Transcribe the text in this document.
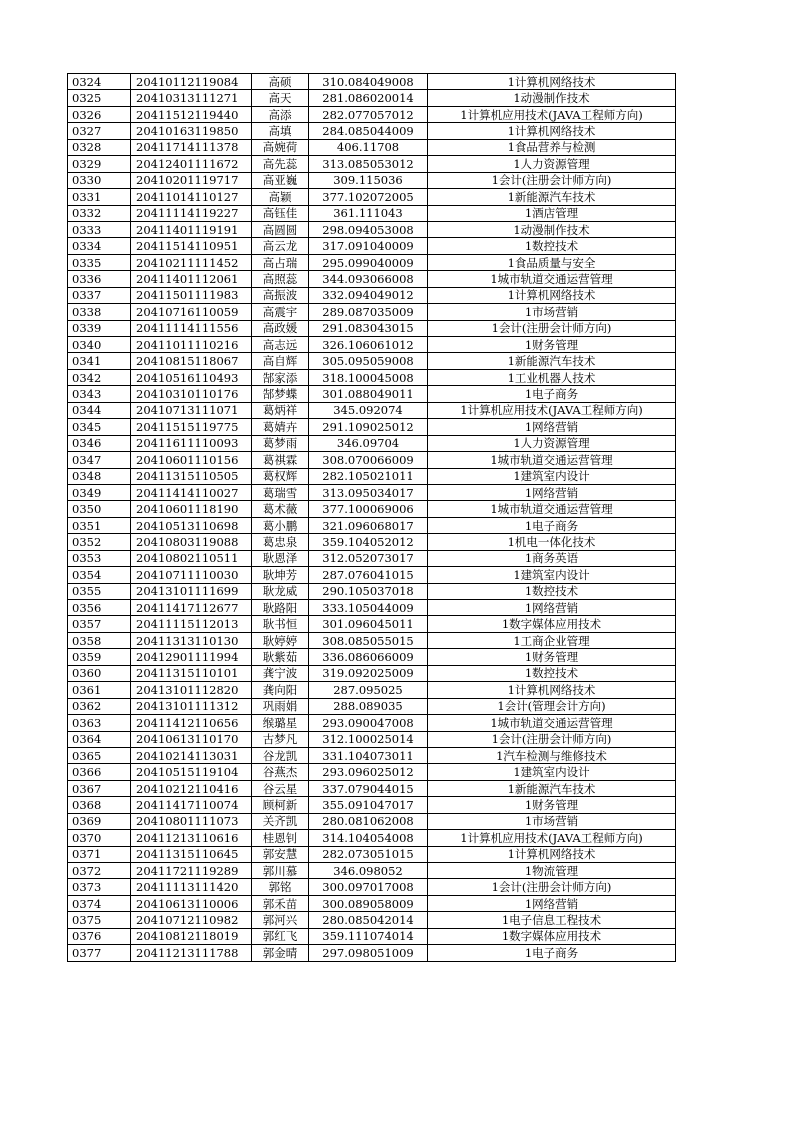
0324	20410112119084	高硕	310.084049008	1计算机网络技术
0325	20410313111271	高天	281.086020014	1动漫制作技术
0326	20411512119440	高添	282.077057012	1计算机应用技术(JAVA工程师方向)
0327	20410163119850	高填	284.085044009	1计算机网络技术
0328	20411714111378	高婉荷	406.11708	1食品营养与检测
0329	20412401111672	高先蕊	313.085053012	1人力资源管理
0330	20410201119717	高亚巍	309.115036	1会计(注册会计师方向)
0331	20411014110127	高颖	377.102072005	1新能源汽车技术
0332	20411114119227	高钰佳	361.111043	1酒店管理
0333	20411401119191	高圆圆	298.094053008	1动漫制作技术
0334	20411514110951	高云龙	317.091040009	1数控技术
0335	20410211111452	高占瑞	295.099040009	1食品质量与安全
0336	20411401112061	高照蕊	344.093066008	1城市轨道交通运营管理
0337	20411501111983	高振波	332.094049012	1计算机网络技术
0338	20410716110059	高震宇	289.087035009	1市场营销
0339	20411114111556	高政媛	291.083043015	1会计(注册会计师方向)
0340	20411011110216	高志远	326.106061012	1财务管理
0341	20410815118067	高自辉	305.095059008	1新能源汽车技术
0342	20410516110493	郜家添	318.100045008	1工业机器人技术
0343	20410310110176	郜梦蝶	301.088049011	1电子商务
0344	20410713111071	葛炳祥	345.092074	1计算机应用技术(JAVA工程师方向)
0345	20411515119775	葛婧卉	291.109025012	1网络营销
0346	20411611110093	葛梦雨	346.09704	1人力资源管理
0347	20410601110156	葛祺霖	308.070066009	1城市轨道交通运营管理
0348	20411315110505	葛权辉	282.105021011	1建筑室内设计
0349	20411414110027	葛瑞雪	313.095034017	1网络营销
0350	20410601118190	葛术薇	377.100069006	1城市轨道交通运营管理
0351	20410513110698	葛小鹏	321.096068017	1电子商务
0352	20410803119088	葛忠泉	359.104052012	1机电一体化技术
0353	20410802110511	耿恩泽	312.052073017	1商务英语
0354	20410711110030	耿坤芳	287.076041015	1建筑室内设计
0355	20413101111699	耿龙威	290.105037018	1数控技术
0356	20411417112677	耿路阳	333.105044009	1网络营销
0357	20411115112013	耿书恒	301.096045011	1数字媒体应用技术
0358	20411313110130	耿婷婷	308.085055015	1工商企业管理
0359	20412901111994	耿紫茹	336.086066009	1财务管理
0360	20411315110101	龚宁波	319.092025009	1数控技术
0361	20413101112820	龚向阳	287.095025	1计算机网络技术
0362	20413101111312	巩雨娟	288.089035	1会计(管理会计方向)
0363	20411412110656	缑璐星	293.090047008	1城市轨道交通运营管理
0364	20410613110170	古梦凡	312.100025014	1会计(注册会计师方向)
0365	20410214113031	谷龙凯	331.104073011	1汽车检测与维修技术
0366	20410515119104	谷燕杰	293.096025012	1建筑室内设计
0367	20410212110416	谷云星	337.079044015	1新能源汽车技术
0368	20411417110074	顾柯新	355.091047017	1财务管理
0369	20410801111073	关齐凯	280.081062008	1市场营销
0370	20411213110616	桂恩钊	314.104054008	1计算机应用技术(JAVA工程师方向)
0371	20411315110645	郭安慧	282.073051015	1计算机网络技术
0372	20411721119289	郭川慕	346.098052	1物流管理
0373	20411113111420	郭铭	300.097017008	1会计(注册会计师方向)
0374	20410613110006	郭禾苗	300.089058009	1网络营销
0375	20410712110982	郭河兴	280.085042014	1电子信息工程技术
0376	20410812118019	郭红飞	359.111074014	1数字媒体应用技术
0377	20411213111788	郭金晴	297.098051009	1电子商务
